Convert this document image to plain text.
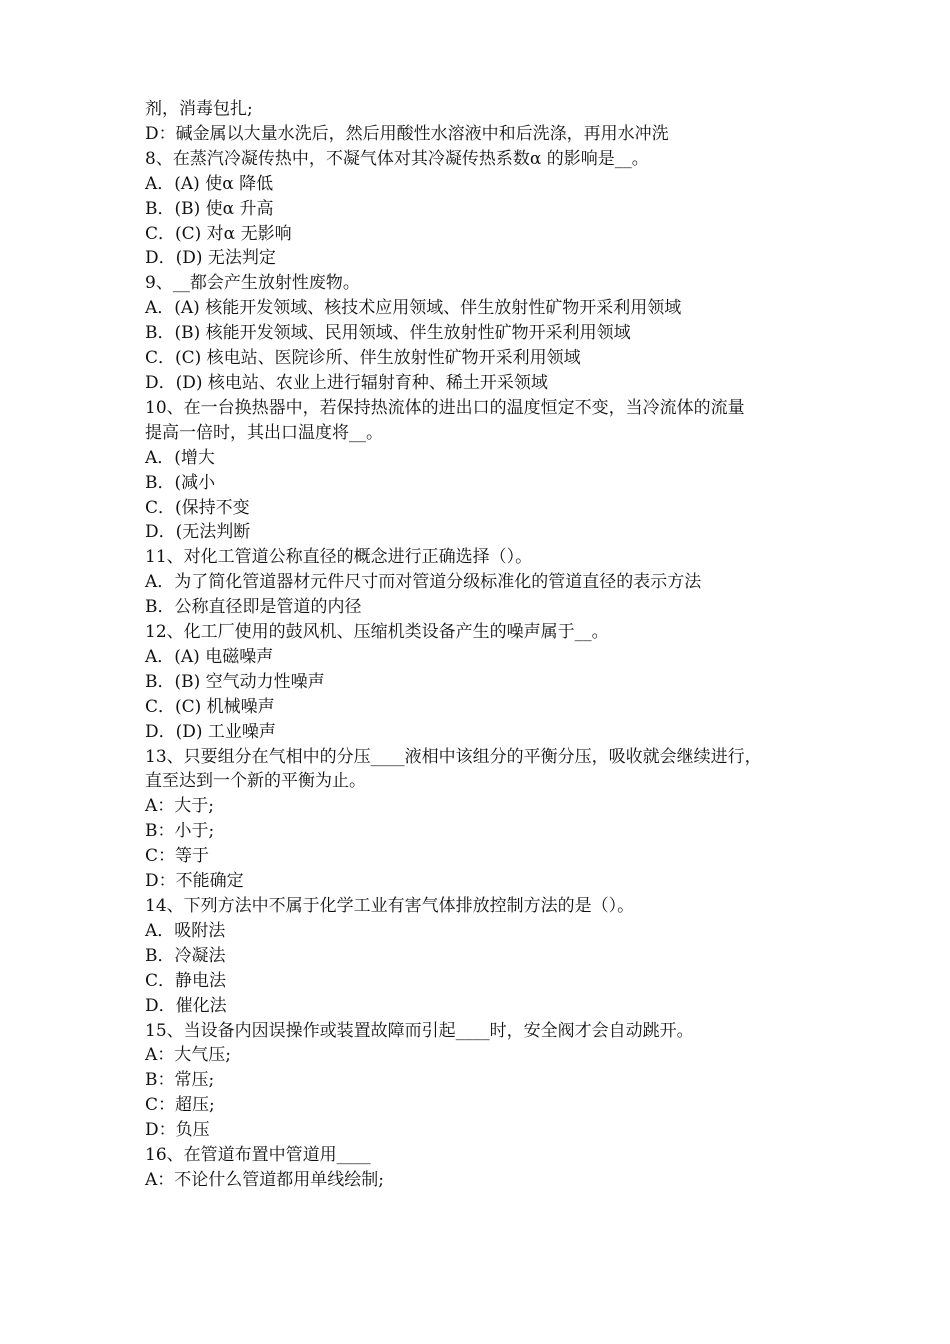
剂，消毒包扎;

D：碱金属以大量水洗后，然后用酸性水溶液中和后洗涤，再用水冲洗

8、在蒸汽冷凝传热中，不凝气体对其冷凝传热系数α 的影响是__。

A．(A) 使α 降低

B．(B) 使α 升高

C．(C) 对α 无影响

D．(D) 无法判定

9、__都会产生放射性废物。

A．(A) 核能开发领域、核技术应用领域、伴生放射性矿物开采利用领域

B．(B) 核能开发领域、民用领域、伴生放射性矿物开采利用领域

C．(C) 核电站、医院诊所、伴生放射性矿物开采利用领域

D．(D) 核电站、农业上进行辐射育种、稀土开采领域

10、在一台换热器中，若保持热流体的进出口的温度恒定不变，当冷流体的流量

提高一倍时，其出口温度将__。

A．(增大

B．(减小

C．(保持不变

D．(无法判断

11、对化工管道公称直径的概念进行正确选择（）。

A．为了简化管道器材元件尺寸而对管道分级标准化的管道直径的表示方法

B．公称直径即是管道的内径

12、化工厂使用的鼓风机、压缩机类设备产生的噪声属于__。

A．(A) 电磁噪声

B．(B) 空气动力性噪声

C．(C) 机械噪声

D．(D) 工业噪声

13、只要组分在气相中的分压____液相中该组分的平衡分压，吸收就会继续进行，

直至达到一个新的平衡为止。

A：大于;

B：小于;

C：等于

D：不能确定

14、下列方法中不属于化学工业有害气体排放控制方法的是（）。

A．吸附法

B．冷凝法

C．静电法

D．催化法

15、当设备内因误操作或装置故障而引起____时，安全阀才会自动跳开。

A：大气压;

B：常压;

C：超压;

D：负压

16、在管道布置中管道用____

A：不论什么管道都用单线绘制;
